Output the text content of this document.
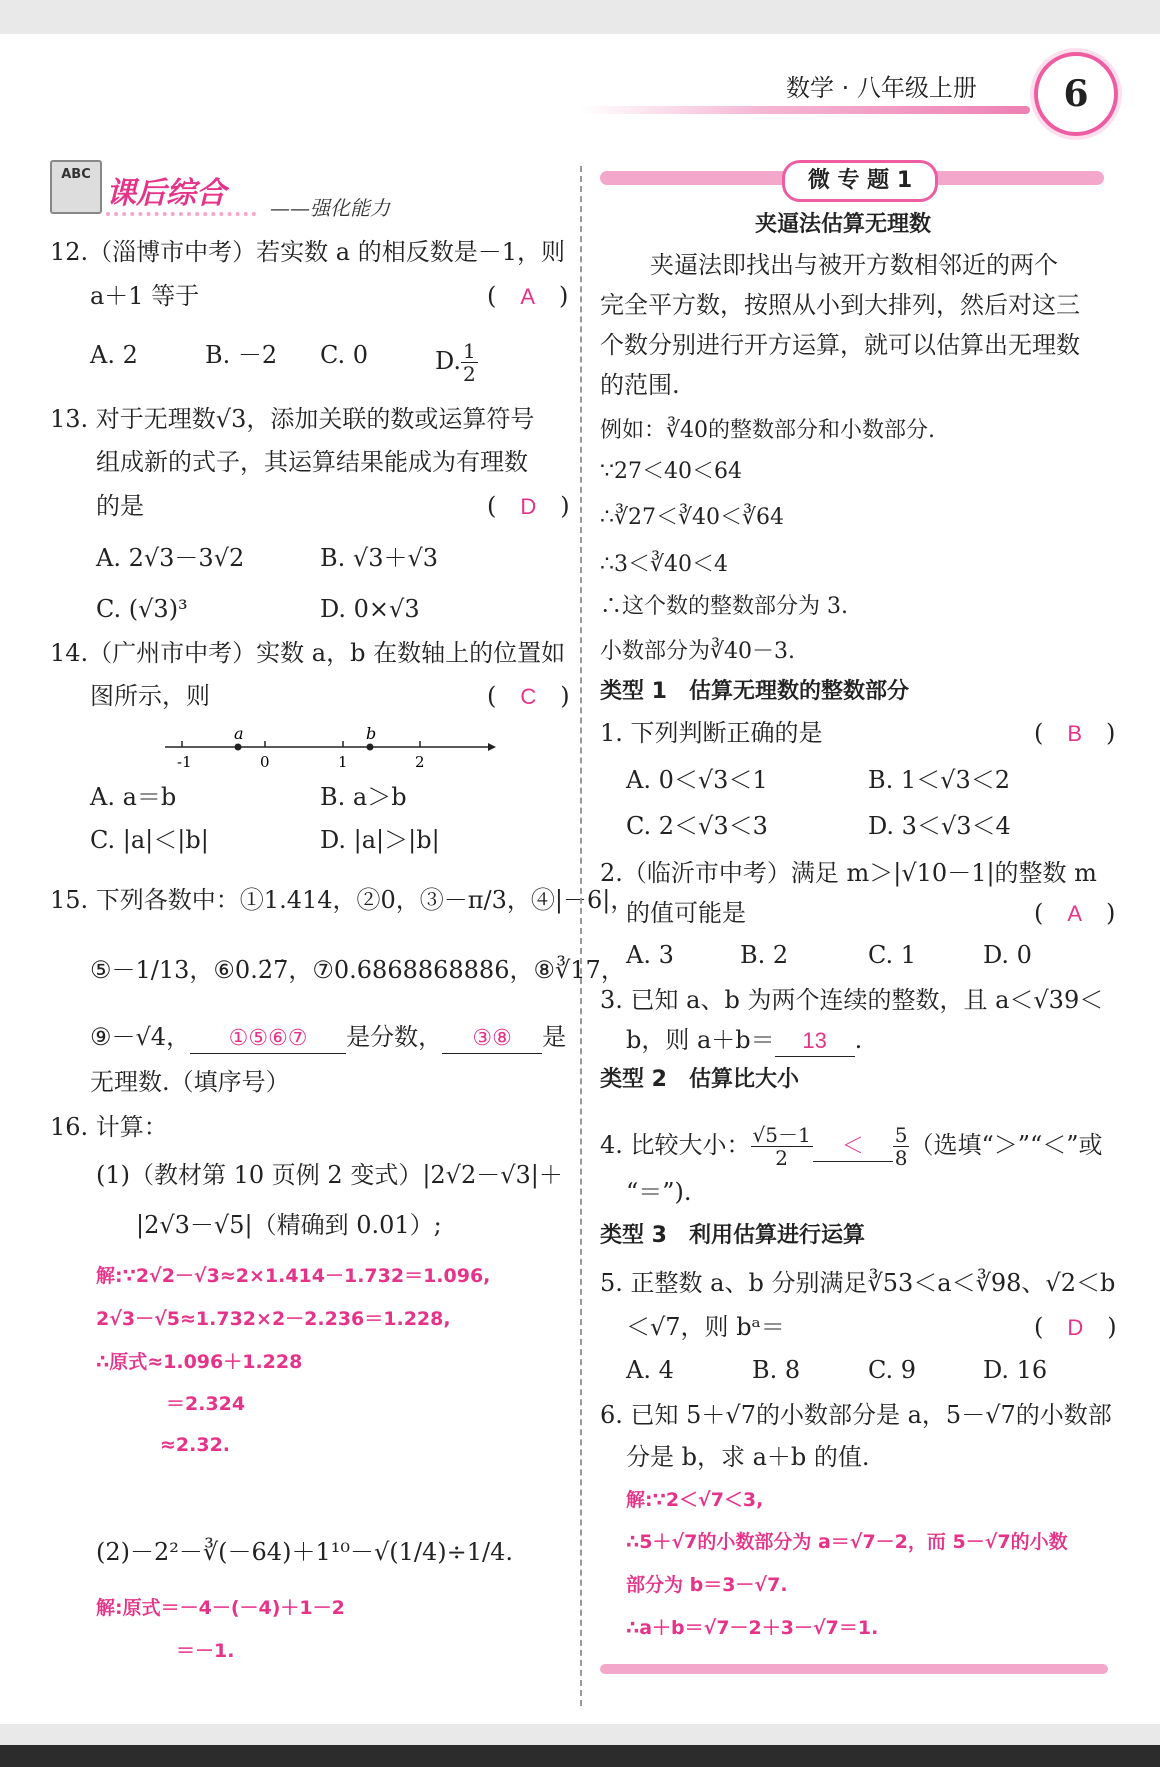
数学 · 八年级上册	6
ABC
课后综合 ——强化能力
12.（淄博市中考）若实数 a 的相反数是－1，则
a＋1 等于	(　A　)
A. 2	B. －2 C. 0	D. $\frac{1}{2}$
13. 对于无理数√3，添加关联的数或运算符号
组成新的式子，其运算结果能成为有理数
的是	(　D　)
A. 2√3－3√2	B. √3＋√3
C. (√3)³	D. 0×√3
14.（广州市中考）实数 a，b 在数轴上的位置如
图所示，则	(　C　)
-1	0	1	2
a	b
A. a＝b	B. a＞b
C. |a|＜|b|	D. |a|＞|b|
15. 下列各数中：①1.414，②0，③－π/3，④|－6|，
⑤－1/13，⑥0.2̇7̇，⑦0.6868868886，⑧∛17，
⑨－√4， ①⑤⑥⑦ 是分数， ③⑧ 是
无理数.（填序号）
16. 计算：
(1)（教材第 10 页例 2 变式）|2√2－√3|＋
|2√3－√5|（精确到 0.01）;
解:∵2√2－√3≈2×1.414－1.732＝1.096,
2√3－√5≈1.732×2－2.236＝1.228,
∴原式≈1.096＋1.228
＝2.324
≈2.32.
(2)－2²－∛(－64)＋1¹⁰－√(1/4)÷1/4.
解:原式＝－4－(－4)＋1－2
＝－1.
微 专 题 1
夹逼法估算无理数
夹逼法即找出与被开方数相邻近的两个
完全平方数，按照从小到大排列，然后对这三
个数分别进行开方运算，就可以估算出无理数
的范围.
例如：∛40的整数部分和小数部分.
∵27＜40＜64
∴∛27＜∛40＜∛64
∴3＜∛40＜4
∴这个数的整数部分为 3.
小数部分为∛40－3.
类型 1　估算无理数的整数部分
1. 下列判断正确的是	(　B　)
A. 0＜√3＜1	B. 1＜√3＜2
C. 2＜√3＜3	D. 3＜√3＜4
2.（临沂市中考）满足 m＞|√10－1|的整数 m
的值可能是	(　A　)
A. 3	B. 2	C. 1	D. 0
3. 已知 a、b 为两个连续的整数，且 a＜√39＜
b，则 a＋b＝ 13 .
类型 2　估算比大小
4. 比较大小： $\frac{√5-1}{2} < \frac{5}{8}$ （选填“＞”“＜”或
“＝”).
类型 3　利用估算进行运算
5. 正整数 a、b 分别满足∛53＜a＜∛98、√2＜b
＜√7，则 bᵃ＝	(　D　)
A. 4	B. 8	C. 9	D. 16
6. 已知 5＋√7的小数部分是 a，5－√7的小数部
分是 b，求 a＋b 的值.
解:∵2＜√7＜3,
∴5＋√7的小数部分为 a＝√7－2，而 5－√7的小数
部分为 b＝3－√7.
∴a＋b＝√7－2＋3－√7＝1.
